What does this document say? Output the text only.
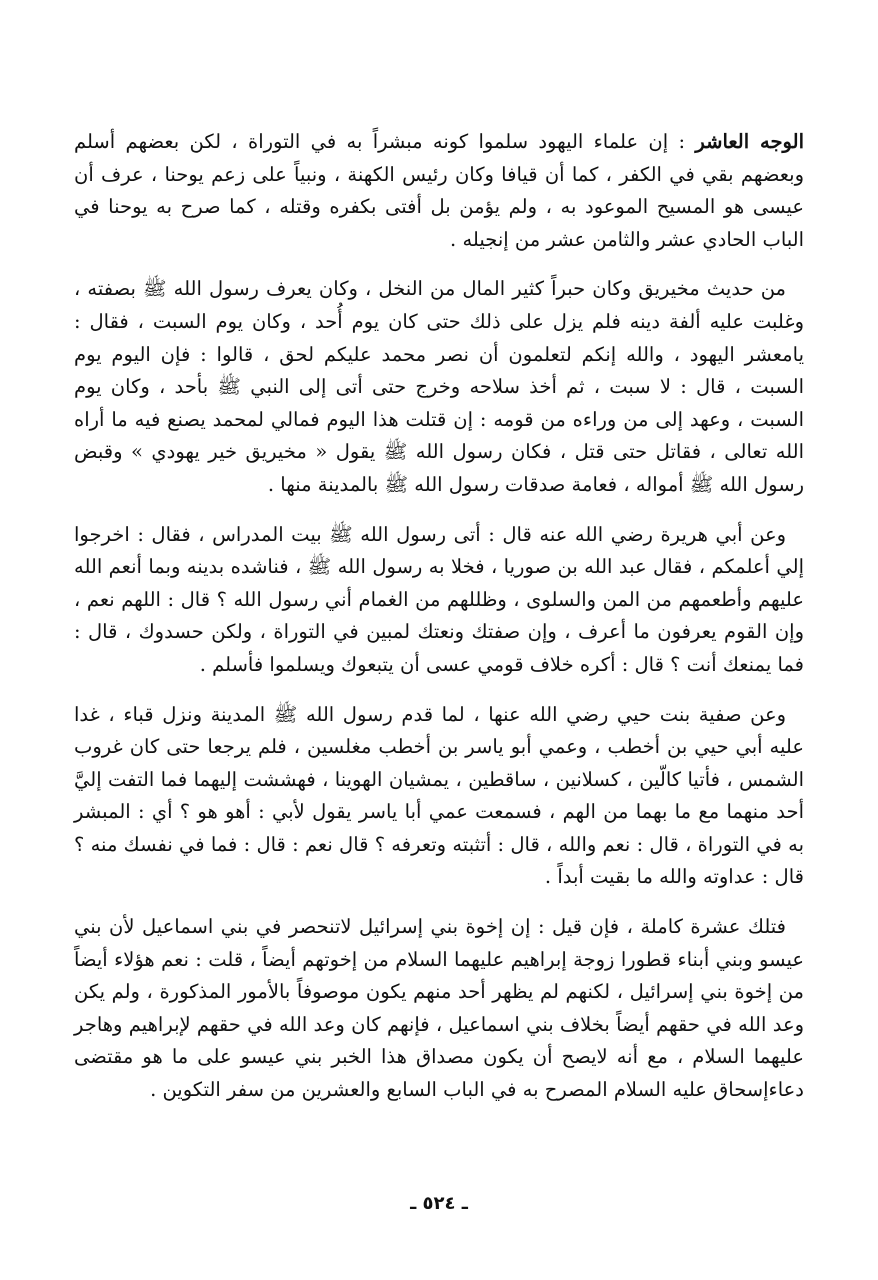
الوجه العاشر : إن علماء اليهود سلموا كونه مبشراً به في التوراة ، لكن بعضهم أسلم وبعضهم بقي في الكفر ، كما أن قيافا وكان رئيس الكهنة ، ونبياً على زعم يوحنا ، عرف أن عيسى هو المسيح الموعود به ، ولم يؤمن بل أفتى بكفره وقتله ، كما صرح به يوحنا في الباب الحادي عشر والثامن عشر من إنجيله .

من حديث مخيريق وكان حبراً كثير المال من النخل ، وكان يعرف رسول الله ﷺ بصفته ، وغلبت عليه ألفة دينه فلم يزل على ذلك حتى كان يوم أُحد ، وكان يوم السبت ، فقال : يامعشر اليهود ، والله إنكم لتعلمون أن نصر محمد عليكم لحق ، قالوا : فإن اليوم يوم السبت ، قال : لا سبت ، ثم أخذ سلاحه وخرج حتى أتى إلى النبي ﷺ بأحد ، وكان يوم السبت ، وعهد إلى من وراءه من قومه : إن قتلت هذا اليوم فمالي لمحمد يصنع فيه ما أراه الله تعالى ، فقاتل حتى قتل ، فكان رسول الله ﷺ يقول « مخيريق خير يهودي » وقبض رسول الله ﷺ أمواله ، فعامة صدقات رسول الله ﷺ بالمدينة منها .

وعن أبي هريرة رضي الله عنه قال : أتى رسول الله ﷺ بيت المدراس ، فقال : اخرجوا إلي أعلمكم ، فقال عبد الله بن صوريا ، فخلا به رسول الله ﷺ ، فناشده بدينه وبما أنعم الله عليهم وأطعمهم من المن والسلوى ، وظللهم من الغمام أني رسول الله ؟ قال : اللهم نعم ، وإن القوم يعرفون ما أعرف ، وإن صفتك ونعتك لمبين في التوراة ، ولكن حسدوك ، قال : فما يمنعك أنت ؟ قال : أكره خلاف قومي عسى أن يتبعوك ويسلموا فأسلم .

وعن صفية بنت حيي رضي الله عنها ، لما قدم رسول الله ﷺ المدينة ونزل قباء ، غدا عليه أبي حيي بن أخطب ، وعمي أبو ياسر بن أخطب مغلسين ، فلم يرجعا حتى كان غروب الشمس ، فأتيا كالّين ، كسلانين ، ساقطين ، يمشيان الهوينا ، فهششت إليهما فما التفت إليَّ أحد منهما مع ما بهما من الهم ، فسمعت عمي أبا ياسر يقول لأبي : أهو هو ؟ أي : المبشر به في التوراة ، قال : نعم والله ، قال : أتثبته وتعرفه ؟ قال نعم : قال : فما في نفسك منه ؟ قال : عداوته والله ما بقيت أبداً .

فتلك عشرة كاملة ، فإن قيل : إن إخوة بني إسرائيل لاتنحصر في بني اسماعيل لأن بني عيسو وبني أبناء قطورا زوجة إبراهيم عليهما السلام من إخوتهم أيضاً ، قلت : نعم هؤلاء أيضاً من إخوة بني إسرائيل ، لكنهم لم يظهر أحد منهم يكون موصوفاً بالأمور المذكورة ، ولم يكن وعد الله في حقهم أيضاً بخلاف بني اسماعيل ، فإنهم كان وعد الله في حقهم لإبراهيم وهاجر عليهما السلام ، مع أنه لايصح أن يكون مصداق هذا الخبر بني عيسو على ما هو مقتضى دعاءإسحاق عليه السلام المصرح به في الباب السابع والعشرين من سفر التكوين .

ـ ٥٢٤ ـ
